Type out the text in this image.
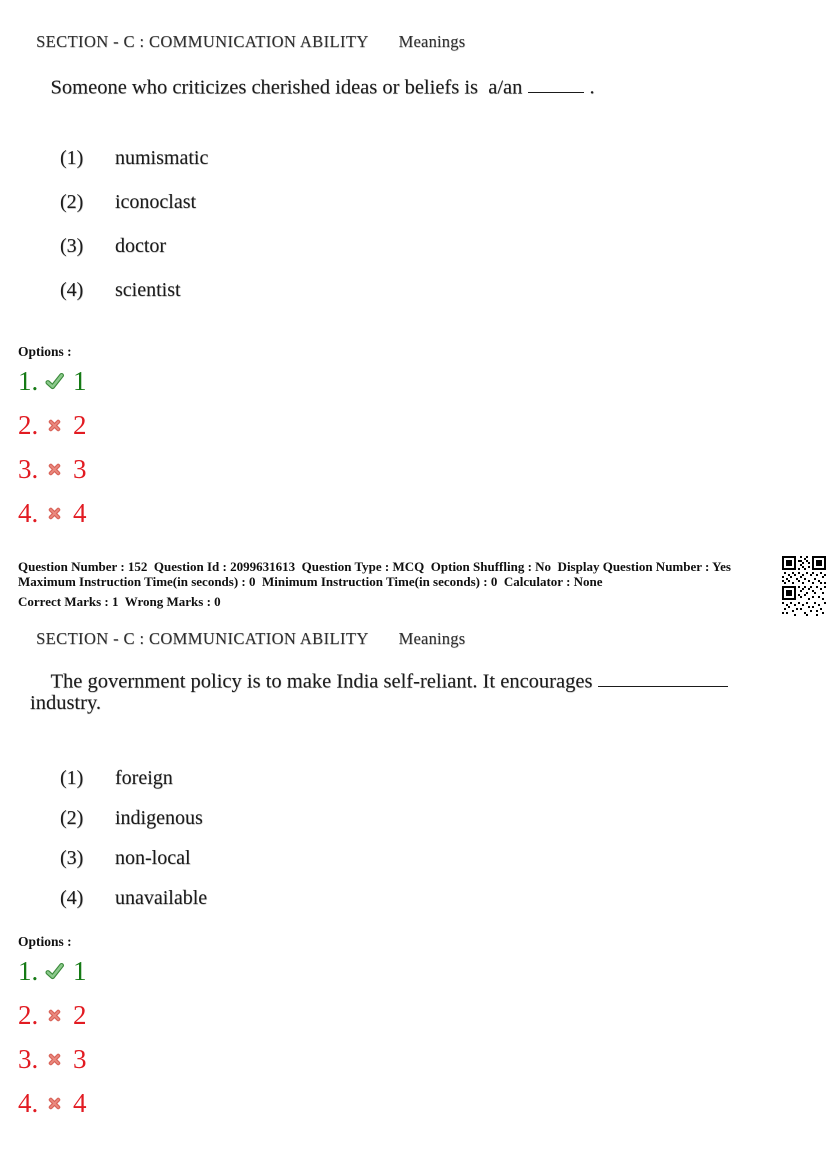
SECTION - C : COMMUNICATION ABILITY Meanings

Someone who criticizes cherished ideas or beliefs is  a/an	.

(1)	numismatic
(2)	iconoclast
(3)	doctor
(4)	scientist
Options :
1. 1
2. 2
3. 3
4. 4
Question Number : 152  Question Id : 2099631613  Question Type : MCQ  Option Shuffling : No  Display Question Number : Yes
Maximum Instruction Time(in seconds) : 0  Minimum Instruction Time(in seconds) : 0  Calculator : None
Correct Marks : 1  Wrong Marks : 0

SECTION - C : COMMUNICATION ABILITY Meanings

The government policy is to make India self-reliant. It encourages

industry.
(1)	foreign
(2)	indigenous
(3)	non-local
(4)	unavailable
Options :
1. 1
2. 2
3. 3
4. 4
